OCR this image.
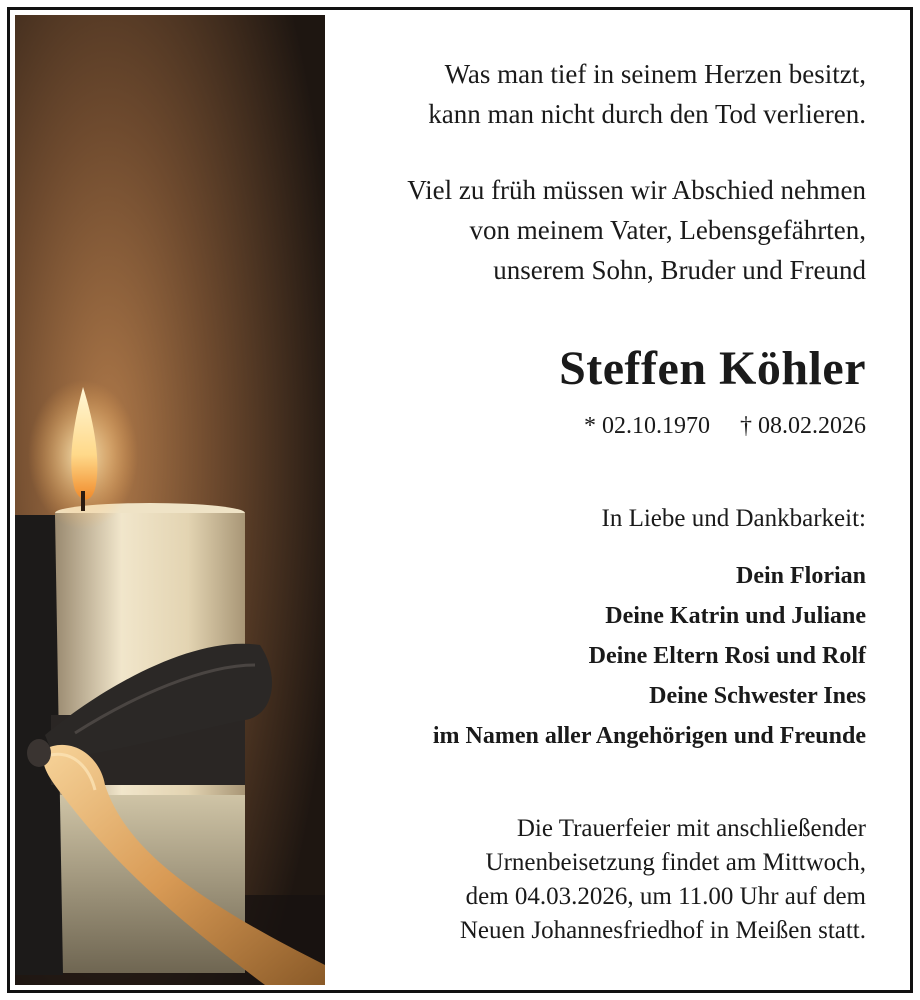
Was man tief in seinem Herzen besitzt,
kann man nicht durch den Tod verlieren.
Viel zu früh müssen wir Abschied nehmen
von meinem Vater, Lebensgefährten,
unserem Sohn, Bruder und Freund
Steffen Köhler
* 02.10.1970 † 08.02.2026
In Liebe und Dankbarkeit:
Dein Florian
Deine Katrin und Juliane
Deine Eltern Rosi und Rolf
Deine Schwester Ines
im Namen aller Angehörigen und Freunde
Die Trauerfeier mit anschließender
Urnenbeisetzung findet am Mittwoch,
dem 04.03.2026, um 11.00 Uhr auf dem
Neuen Johannesfriedhof in Meißen statt.
